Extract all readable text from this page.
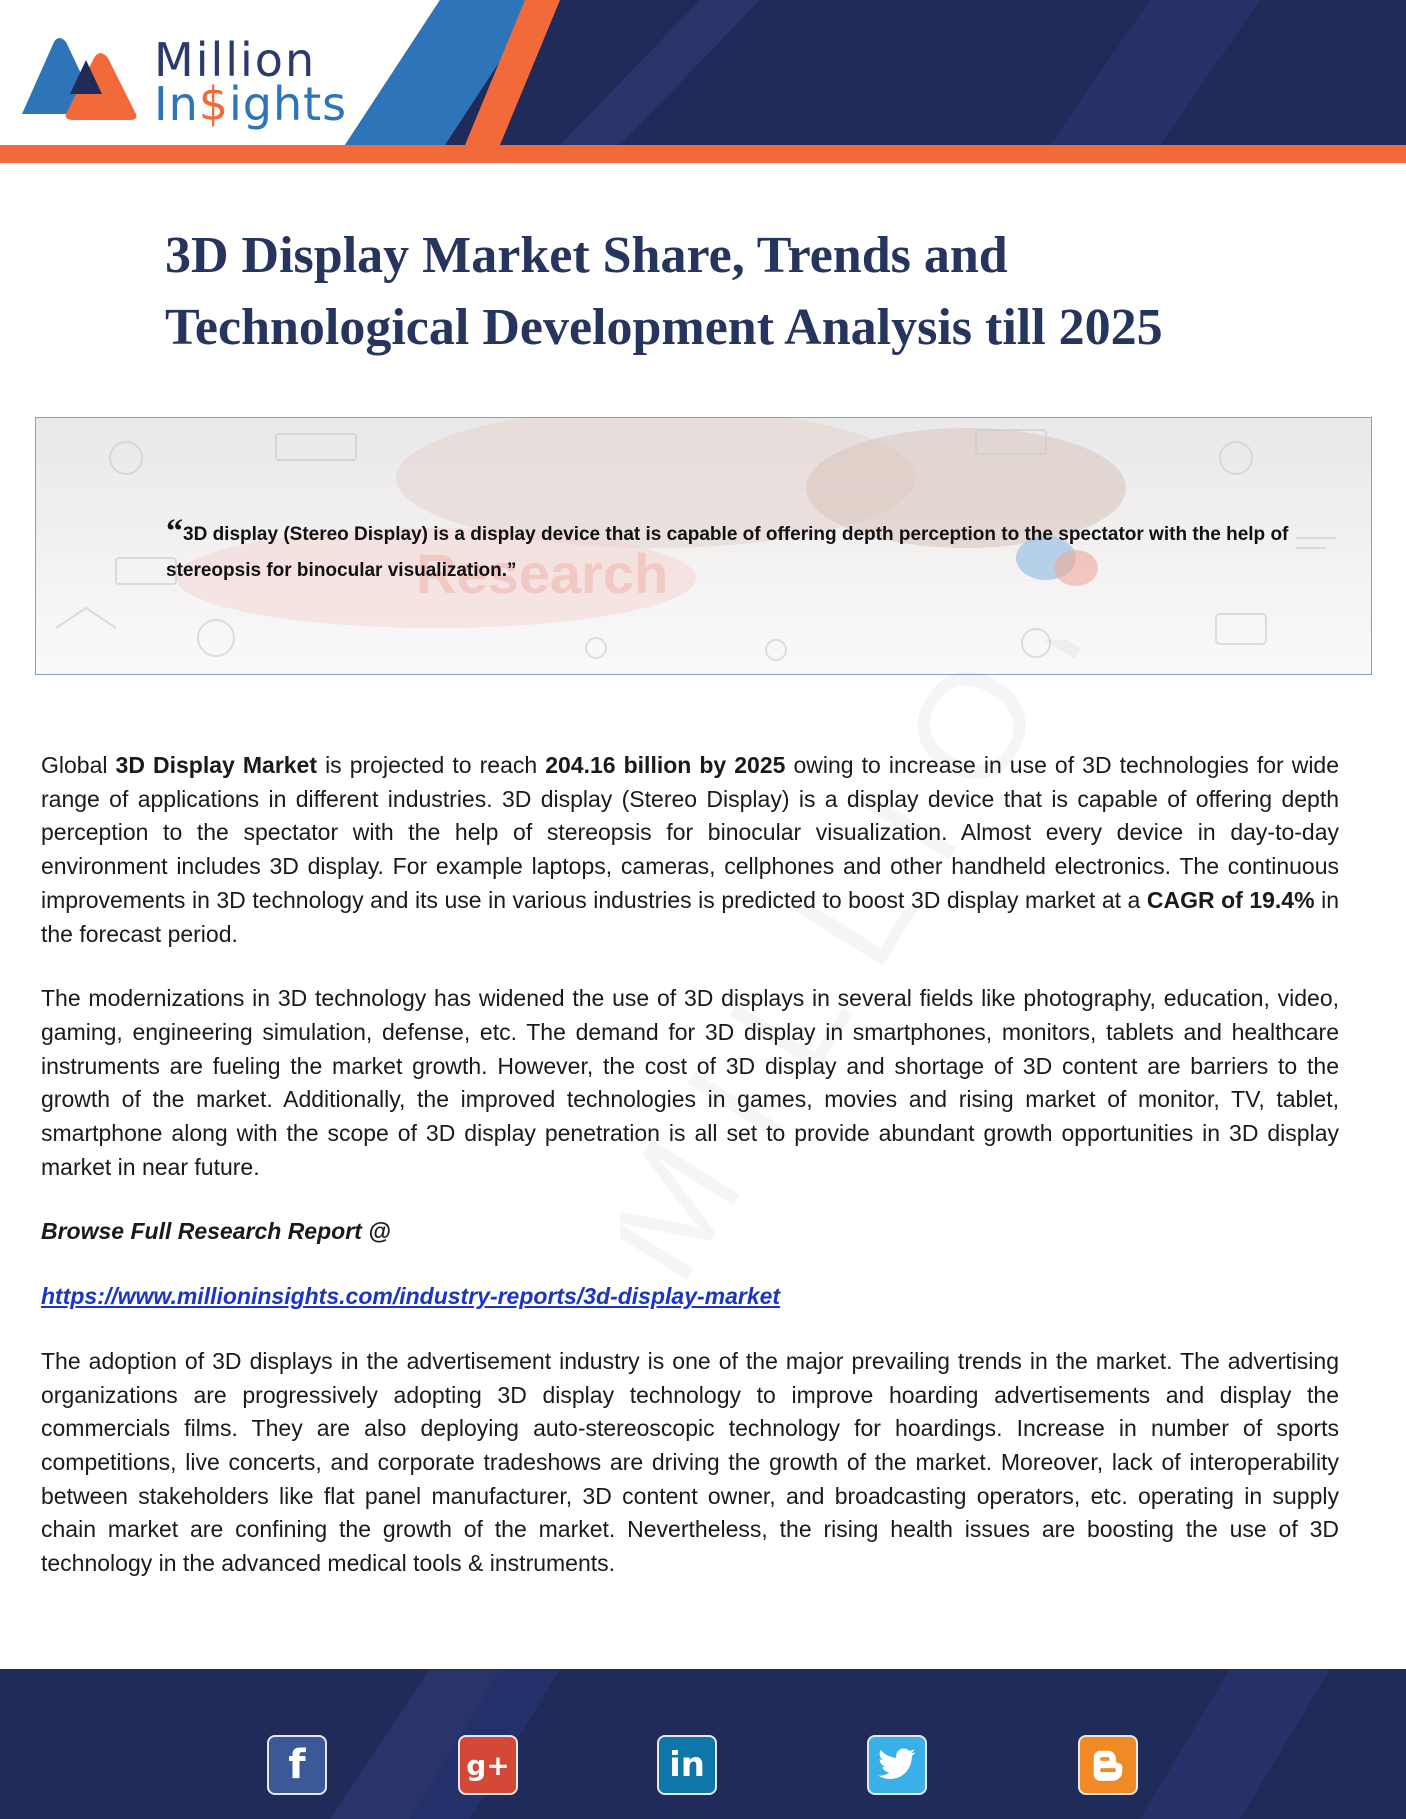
Million
In$ights
3D Display Market Share, Trends and
Technological Development Analysis till 2025
Research
“3D display (Stereo Display) is a display device that is capable of offering depth perception to the spectator with the help of stereopsis for binocular visualization.”

Global 3D Display Market is projected to reach 204.16 billion by 2025 owing to increase in use of 3D technologies for wide range of applications in different industries. 3D display (Stereo Display) is a display device that is capable of offering depth perception to the spectator with the help of stereopsis for binocular visualization. Almost every device in day-to-day environment includes 3D display. For example laptops, cameras, cellphones and other handheld electronics. The continuous improvements in 3D technology and its use in various industries is predicted to boost 3D display market at a CAGR of 19.4% in the forecast period.

The modernizations in 3D technology has widened the use of 3D displays in several fields like photography, education, video, gaming, engineering simulation, defense, etc. The demand for 3D display in smartphones, monitors, tablets and healthcare instruments are fueling the market growth. However, the cost of 3D display and shortage of 3D content are barriers to the growth of the market. Additionally, the improved technologies in games, movies and rising market of monitor, TV, tablet, smartphone along with the scope of 3D display penetration is all set to provide abundant growth opportunities in 3D display market in near future.

Browse Full Research Report @

https://www.millioninsights.com/industry-reports/3d-display-market

The adoption of 3D displays in the advertisement industry is one of the major prevailing trends in the market. The advertising organizations are progressively adopting 3D display technology to improve hoarding advertisements and display the commercials films. They are also deploying auto-stereoscopic technology for hoardings. Increase in number of sports competitions, live concerts, and corporate tradeshows are driving the growth of the market. Moreover, lack of interoperability between stakeholders like flat panel manufacturer, 3D content owner, and broadcasting operators, etc. operating in supply chain market are confining the growth of the market. Nevertheless, the rising health issues are boosting the use of 3D technology in the advanced medical tools & instruments.

f	g+	in
